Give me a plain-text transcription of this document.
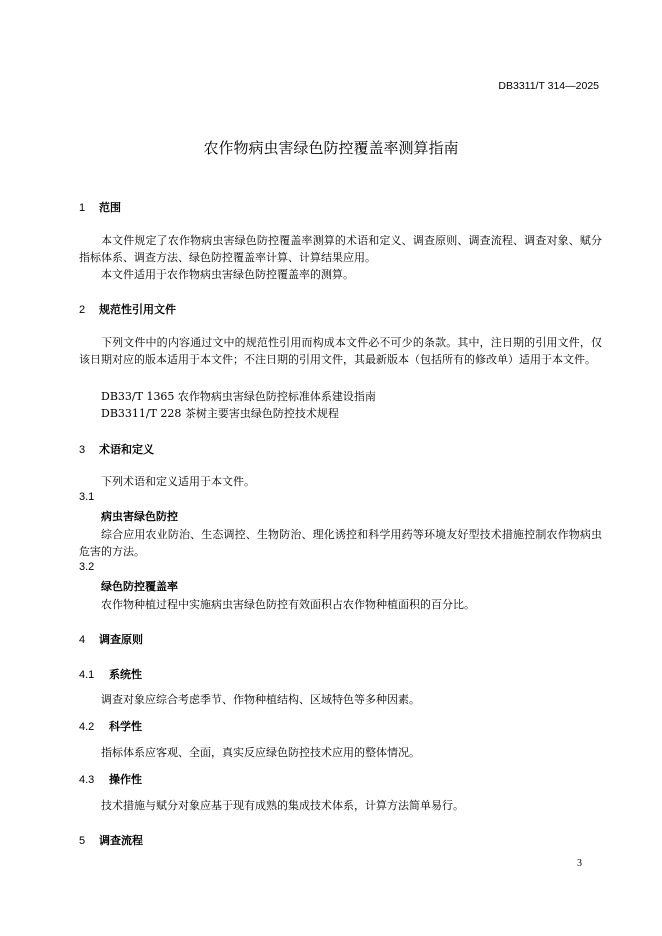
DB3311/T 314—2025
农作物病虫害绿色防控覆盖率测算指南
1 范围

本文件规定了农作物病虫害绿色防控覆盖率测算的术语和定义、调查原则、调查流程、调查对象、赋分指标体系、调查方法、绿色防控覆盖率计算、计算结果应用。

本文件适用于农作物病虫害绿色防控覆盖率的测算。

2 规范性引用文件

下列文件中的内容通过文中的规范性引用而构成本文件必不可少的条款。其中，注日期的引用文件，仅该日期对应的版本适用于本文件；不注日期的引用文件，其最新版本（包括所有的修改单）适用于本文件。

DB33/T 1365 农作物病虫害绿色防控标准体系建设指南
DB3311/T 228 茶树主要害虫绿色防控技术规程
3 术语和定义
下列术语和定义适用于本文件。
3.1
病虫害绿色防控

综合应用农业防治、生态调控、生物防治、理化诱控和科学用药等环境友好型技术措施控制农作物病虫危害的方法。

3.2
绿色防控覆盖率
农作物种植过程中实施病虫害绿色防控有效面积占农作物种植面积的百分比。
4 调查原则
4.1 系统性
调查对象应综合考虑季节、作物种植结构、区域特色等多种因素。
4.2 科学性
指标体系应客观、全面，真实反应绿色防控技术应用的整体情况。
4.3 操作性
技术措施与赋分对象应基于现有成熟的集成技术体系，计算方法简单易行。
5 调查流程
3
